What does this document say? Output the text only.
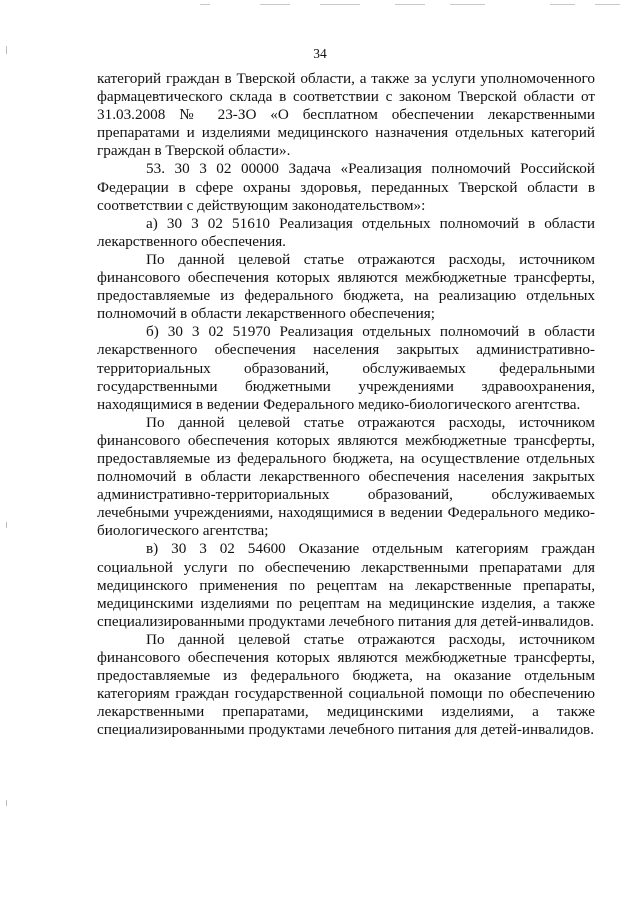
34

категорий граждан в Тверской области, а также за услуги уполномоченного фармацевтического склада в соответствии с законом Тверской области от 31.03.2008 № 23-ЗО «О бесплатном обеспечении лекарственными препаратами и изделиями медицинского назначения отдельных категорий граждан в Тверской области».

53. 30 3 02 00000 Задача «Реализация полномочий Российской Федерации в сфере охраны здоровья, переданных Тверской области в соответствии с действующим законодательством»:

а) 30 3 02 51610 Реализация отдельных полномочий в области лекарственного обеспечения.

По данной целевой статье отражаются расходы, источником финансового обеспечения которых являются межбюджетные трансферты, предоставляемые из федерального бюджета, на реализацию отдельных полномочий в области лекарственного обеспечения;

б) 30 3 02 51970 Реализация отдельных полномочий в области лекарственного обеспечения населения закрытых административно-территориальных образований, обслуживаемых федеральными государственными бюджетными учреждениями здравоохранения, находящимися в ведении Федерального медико-биологического агентства.

По данной целевой статье отражаются расходы, источником финансового обеспечения которых являются межбюджетные трансферты, предоставляемые из федерального бюджета, на осуществление отдельных полномочий в области лекарственного обеспечения населения закрытых административно-территориальных образований, обслуживаемых лечебными учреждениями, находящимися в ведении Федерального медико-биологического агентства;

в) 30 3 02 54600 Оказание отдельным категориям граждан социальной услуги по обеспечению лекарственными препаратами для медицинского применения по рецептам на лекарственные препараты, медицинскими изделиями по рецептам на медицинские изделия, а также специализированными продуктами лечебного питания для детей-инвалидов.

По данной целевой статье отражаются расходы, источником финансового обеспечения которых являются межбюджетные трансферты, предоставляемые из федерального бюджета, на оказание отдельным категориям граждан государственной социальной помощи по обеспечению лекарственными препаратами, медицинскими изделиями, а также специализированными продуктами лечебного питания для детей-инвалидов.
